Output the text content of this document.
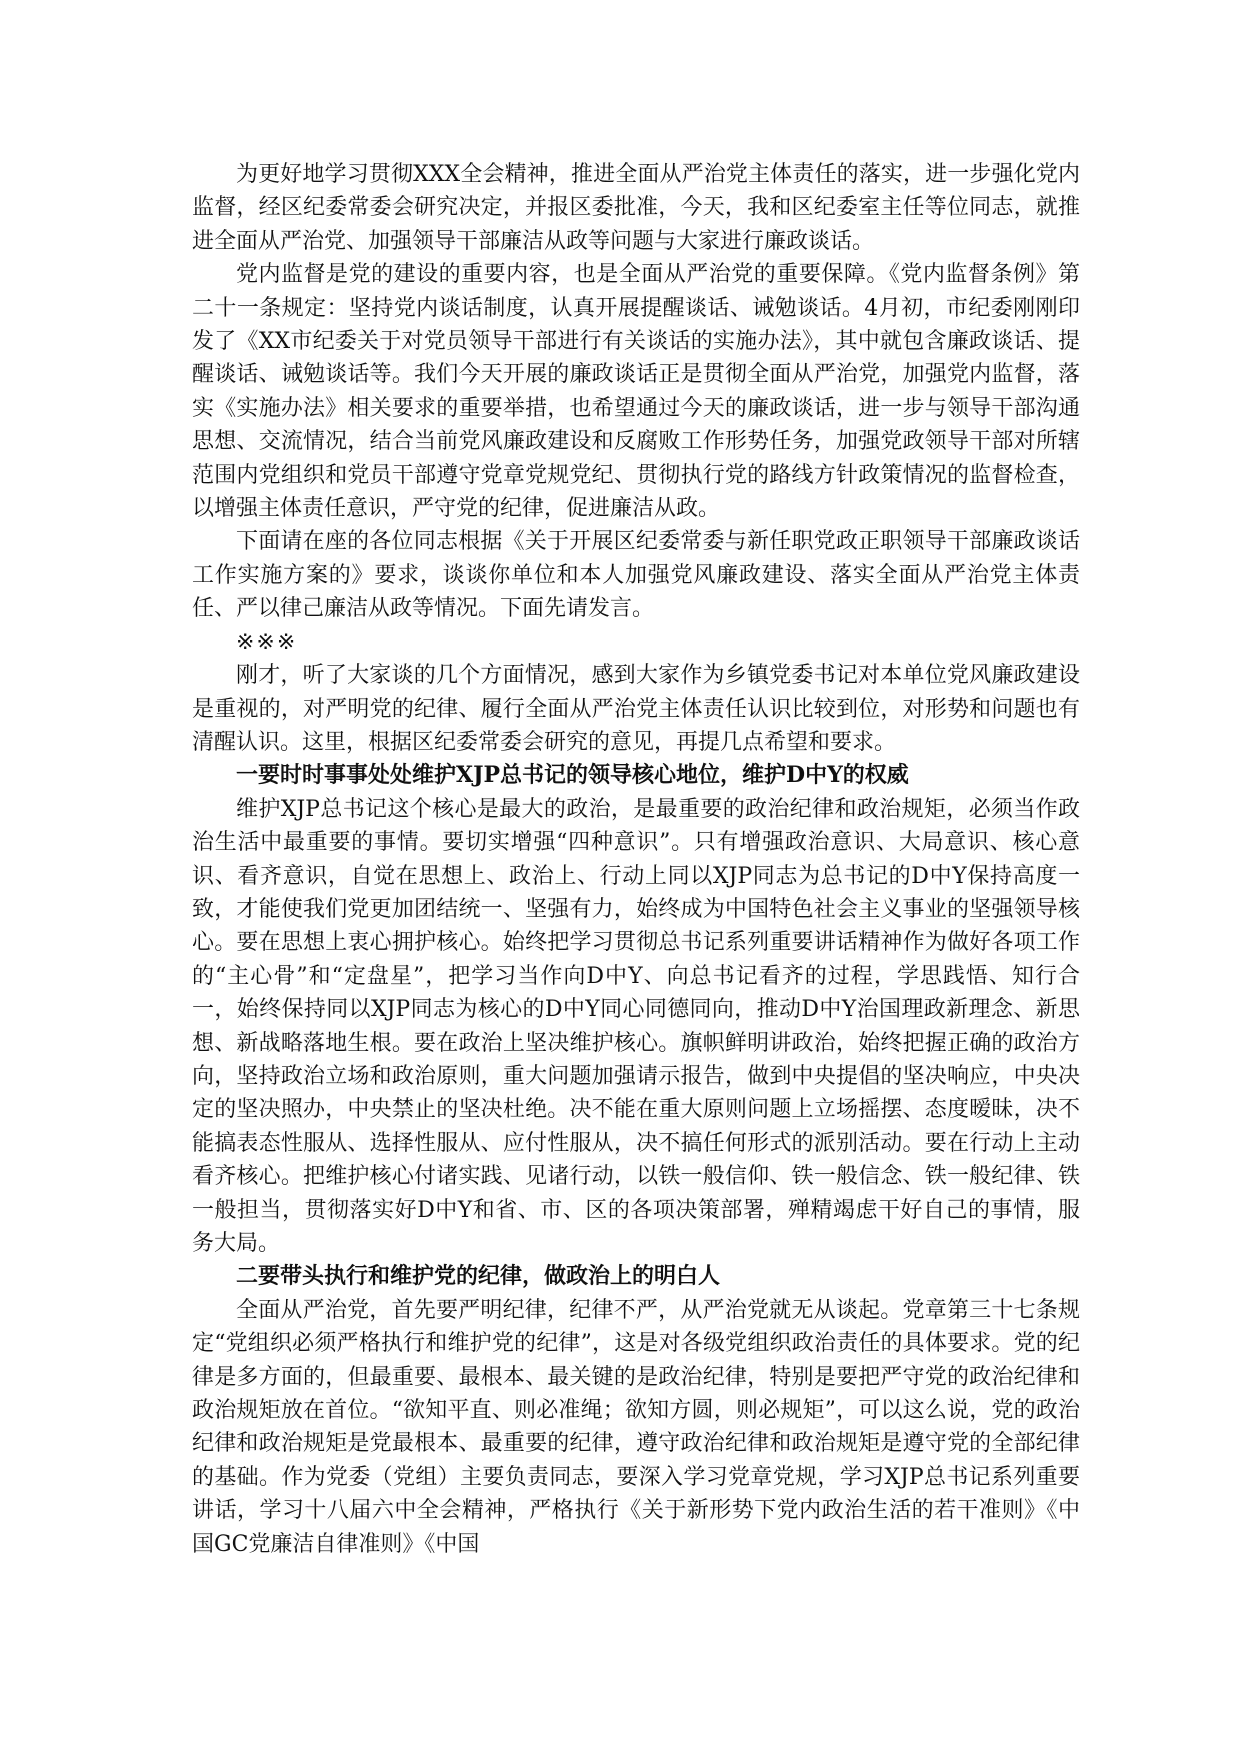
为更好地学习贯彻XXX全会精神，推进全面从严治党主体责任的落实，进一步强化党内监督，经区纪委常委会研究决定，并报区委批准，今天，我和区纪委室主任等位同志，就推进全面从严治党、加强领导干部廉洁从政等问题与大家进行廉政谈话。

党内监督是党的建设的重要内容，也是全面从严治党的重要保障。《党内监督条例》第二十一条规定：坚持党内谈话制度，认真开展提醒谈话、诫勉谈话。4月初，市纪委刚刚印发了《XX市纪委关于对党员领导干部进行有关谈话的实施办法》，其中就包含廉政谈话、提醒谈话、诫勉谈话等。我们今天开展的廉政谈话正是贯彻全面从严治党，加强党内监督，落实《实施办法》相关要求的重要举措，也希望通过今天的廉政谈话，进一步与领导干部沟通思想、交流情况，结合当前党风廉政建设和反腐败工作形势任务，加强党政领导干部对所辖范围内党组织和党员干部遵守党章党规党纪、贯彻执行党的路线方针政策情况的监督检查，以增强主体责任意识，严守党的纪律，促进廉洁从政。

下面请在座的各位同志根据《关于开展区纪委常委与新任职党政正职领导干部廉政谈话工作实施方案的》要求，谈谈你单位和本人加强党风廉政建设、落实全面从严治党主体责任、严以律己廉洁从政等情况。下面先请发言。

※※※

刚才，听了大家谈的几个方面情况，感到大家作为乡镇党委书记对本单位党风廉政建设是重视的，对严明党的纪律、履行全面从严治党主体责任认识比较到位，对形势和问题也有清醒认识。这里，根据区纪委常委会研究的意见，再提几点希望和要求。

一要时时事事处处维护XJP总书记的领导核心地位，维护D中Y的权威

维护XJP总书记这个核心是最大的政治，是最重要的政治纪律和政治规矩，必须当作政治生活中最重要的事情。要切实增强“四种意识”。只有增强政治意识、大局意识、核心意识、看齐意识，自觉在思想上、政治上、行动上同以XJP同志为总书记的D中Y保持高度一致，才能使我们党更加团结统一、坚强有力，始终成为中国特色社会主义事业的坚强领导核心。要在思想上衷心拥护核心。始终把学习贯彻总书记系列重要讲话精神作为做好各项工作的“主心骨”和“定盘星”，把学习当作向D中Y、向总书记看齐的过程，学思践悟、知行合一，始终保持同以XJP同志为核心的D中Y同心同德同向，推动D中Y治国理政新理念、新思想、新战略落地生根。要在政治上坚决维护核心。旗帜鲜明讲政治，始终把握正确的政治方向，坚持政治立场和政治原则，重大问题加强请示报告，做到中央提倡的坚决响应，中央决定的坚决照办，中央禁止的坚决杜绝。决不能在重大原则问题上立场摇摆、态度暧昧，决不能搞表态性服从、选择性服从、应付性服从，决不搞任何形式的派别活动。要在行动上主动看齐核心。把维护核心付诸实践、见诸行动，以铁一般信仰、铁一般信念、铁一般纪律、铁一般担当，贯彻落实好D中Y和省、市、区的各项决策部署，殚精竭虑干好自己的事情，服务大局。

二要带头执行和维护党的纪律，做政治上的明白人

全面从严治党，首先要严明纪律，纪律不严，从严治党就无从谈起。党章第三十七条规定“党组织必须严格执行和维护党的纪律”，这是对各级党组织政治责任的具体要求。党的纪律是多方面的，但最重要、最根本、最关键的是政治纪律，特别是要把严守党的政治纪律和政治规矩放在首位。“欲知平直、则必准绳；欲知方圆，则必规矩”，可以这么说，党的政治纪律和政治规矩是党最根本、最重要的纪律，遵守政治纪律和政治规矩是遵守党的全部纪律的基础。作为党委（党组）主要负责同志，要深入学习党章党规，学习XJP总书记系列重要讲话，学习十八届六中全会精神，严格执行《关于新形势下党内政治生活的若干准则》《中国GC党廉洁自律准则》《中国
